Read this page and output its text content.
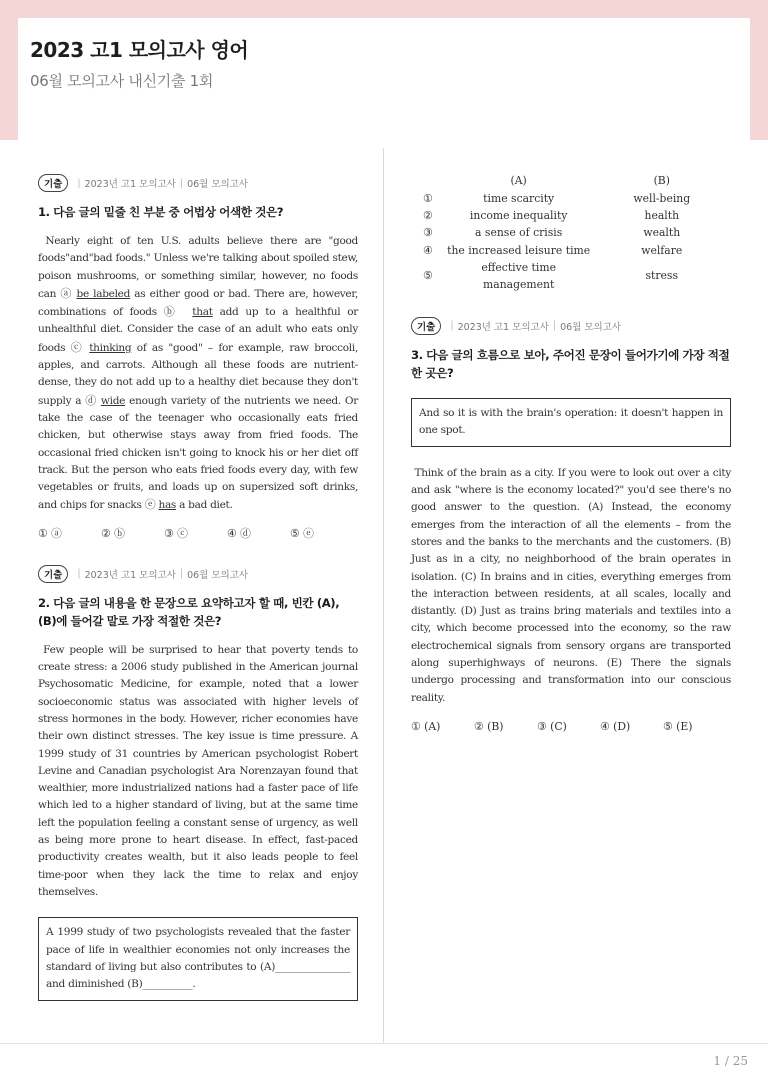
2023 고1 모의고사 영어
06월 모의고사 내신기출 1회
기출	| 2023년 고1 모의고사 | 06월 모의고사
1. 다음 글의 밑줄 친 부분 중 어법상 어색한 것은?
Nearly eight of ten U.S. adults believe there are "good foods"and"bad foods." Unless we're talking about spoiled stew, poison mushrooms, or something similar, however, no foods can ⓐ be labeled as either good or bad. There are, however, combinations of foods ⓑ that add up to a healthful or unhealthful diet. Consider the case of an adult who eats only foods ⓒ thinking of as "good" – for example, raw broccoli, apples, and carrots. Although all these foods are nutrient-dense, they do not add up to a healthy diet because they don't supply a ⓓ wide enough variety of the nutrients we need. Or take the case of the teenager who occasionally eats fried chicken, but otherwise stays away from fried foods. The occasional fried chicken isn't going to knock his or her diet off track. But the person who eats fried foods every day, with few vegetables or fruits, and loads up on supersized soft drinks, and chips for snacks ⓔ has a bad diet.
① ⓐ	② ⓑ	③ ⓒ	④ ⓓ	⑤ ⓔ
기출	| 2023년 고1 모의고사 | 06월 모의고사
2. 다음 글의 내용을 한 문장으로 요약하고자 할 때, 빈칸 (A), (B)에 들어갈 말로 가장 적절한 것은?
Few people will be surprised to hear that poverty tends to create stress: a 2006 study published in the American journal Psychosomatic Medicine, for example, noted that a lower socioeconomic status was associated with higher levels of stress hormones in the body. However, richer economies have their own distinct stresses. The key issue is time pressure. A 1999 study of 31 countries by American psychologist Robert Levine and Canadian psychologist Ara Norenzayan found that wealthier, more industrialized nations had a faster pace of life which led to a higher standard of living, but at the same time left the population feeling a constant sense of urgency, as well as being more prone to heart disease. In effect, fast-paced productivity creates wealth, but it also leads people to feel time-poor when they lack the time to relax and enjoy themselves.
A 1999 study of two psychologists revealed that the faster pace of life in wealthier economies not only increases the standard of living but also contributes to (A)_______________ and diminished (B)__________.
	(A)	(B)
①	time scarcity	well-being
②	income inequality	health
③	a sense of crisis	wealth
④	the increased leisure time	welfare
⑤	effective time management	stress
기출	| 2023년 고1 모의고사 | 06월 모의고사
3. 다음 글의 흐름으로 보아, 주어진 문장이 들어가기에 가장 적절한 곳은?
And so it is with the brain's operation: it doesn't happen in one spot.
Think of the brain as a city. If you were to look out over a city and ask "where is the economy located?" you'd see there's no good answer to the question. (A) Instead, the economy emerges from the interaction of all the elements – from the stores and the banks to the merchants and the customers. (B) Just as in a city, no neighborhood of the brain operates in isolation. (C) In brains and in cities, everything emerges from the interaction between residents, at all scales, locally and distantly. (D) Just as trains bring materials and textiles into a city, which become processed into the economy, so the raw electrochemical signals from sensory organs are transported along superhighways of neurons. (E) There the signals undergo processing and transformation into our conscious reality.
① (A)	② (B)	③ (C)	④ (D)	⑤ (E)
1 / 25
